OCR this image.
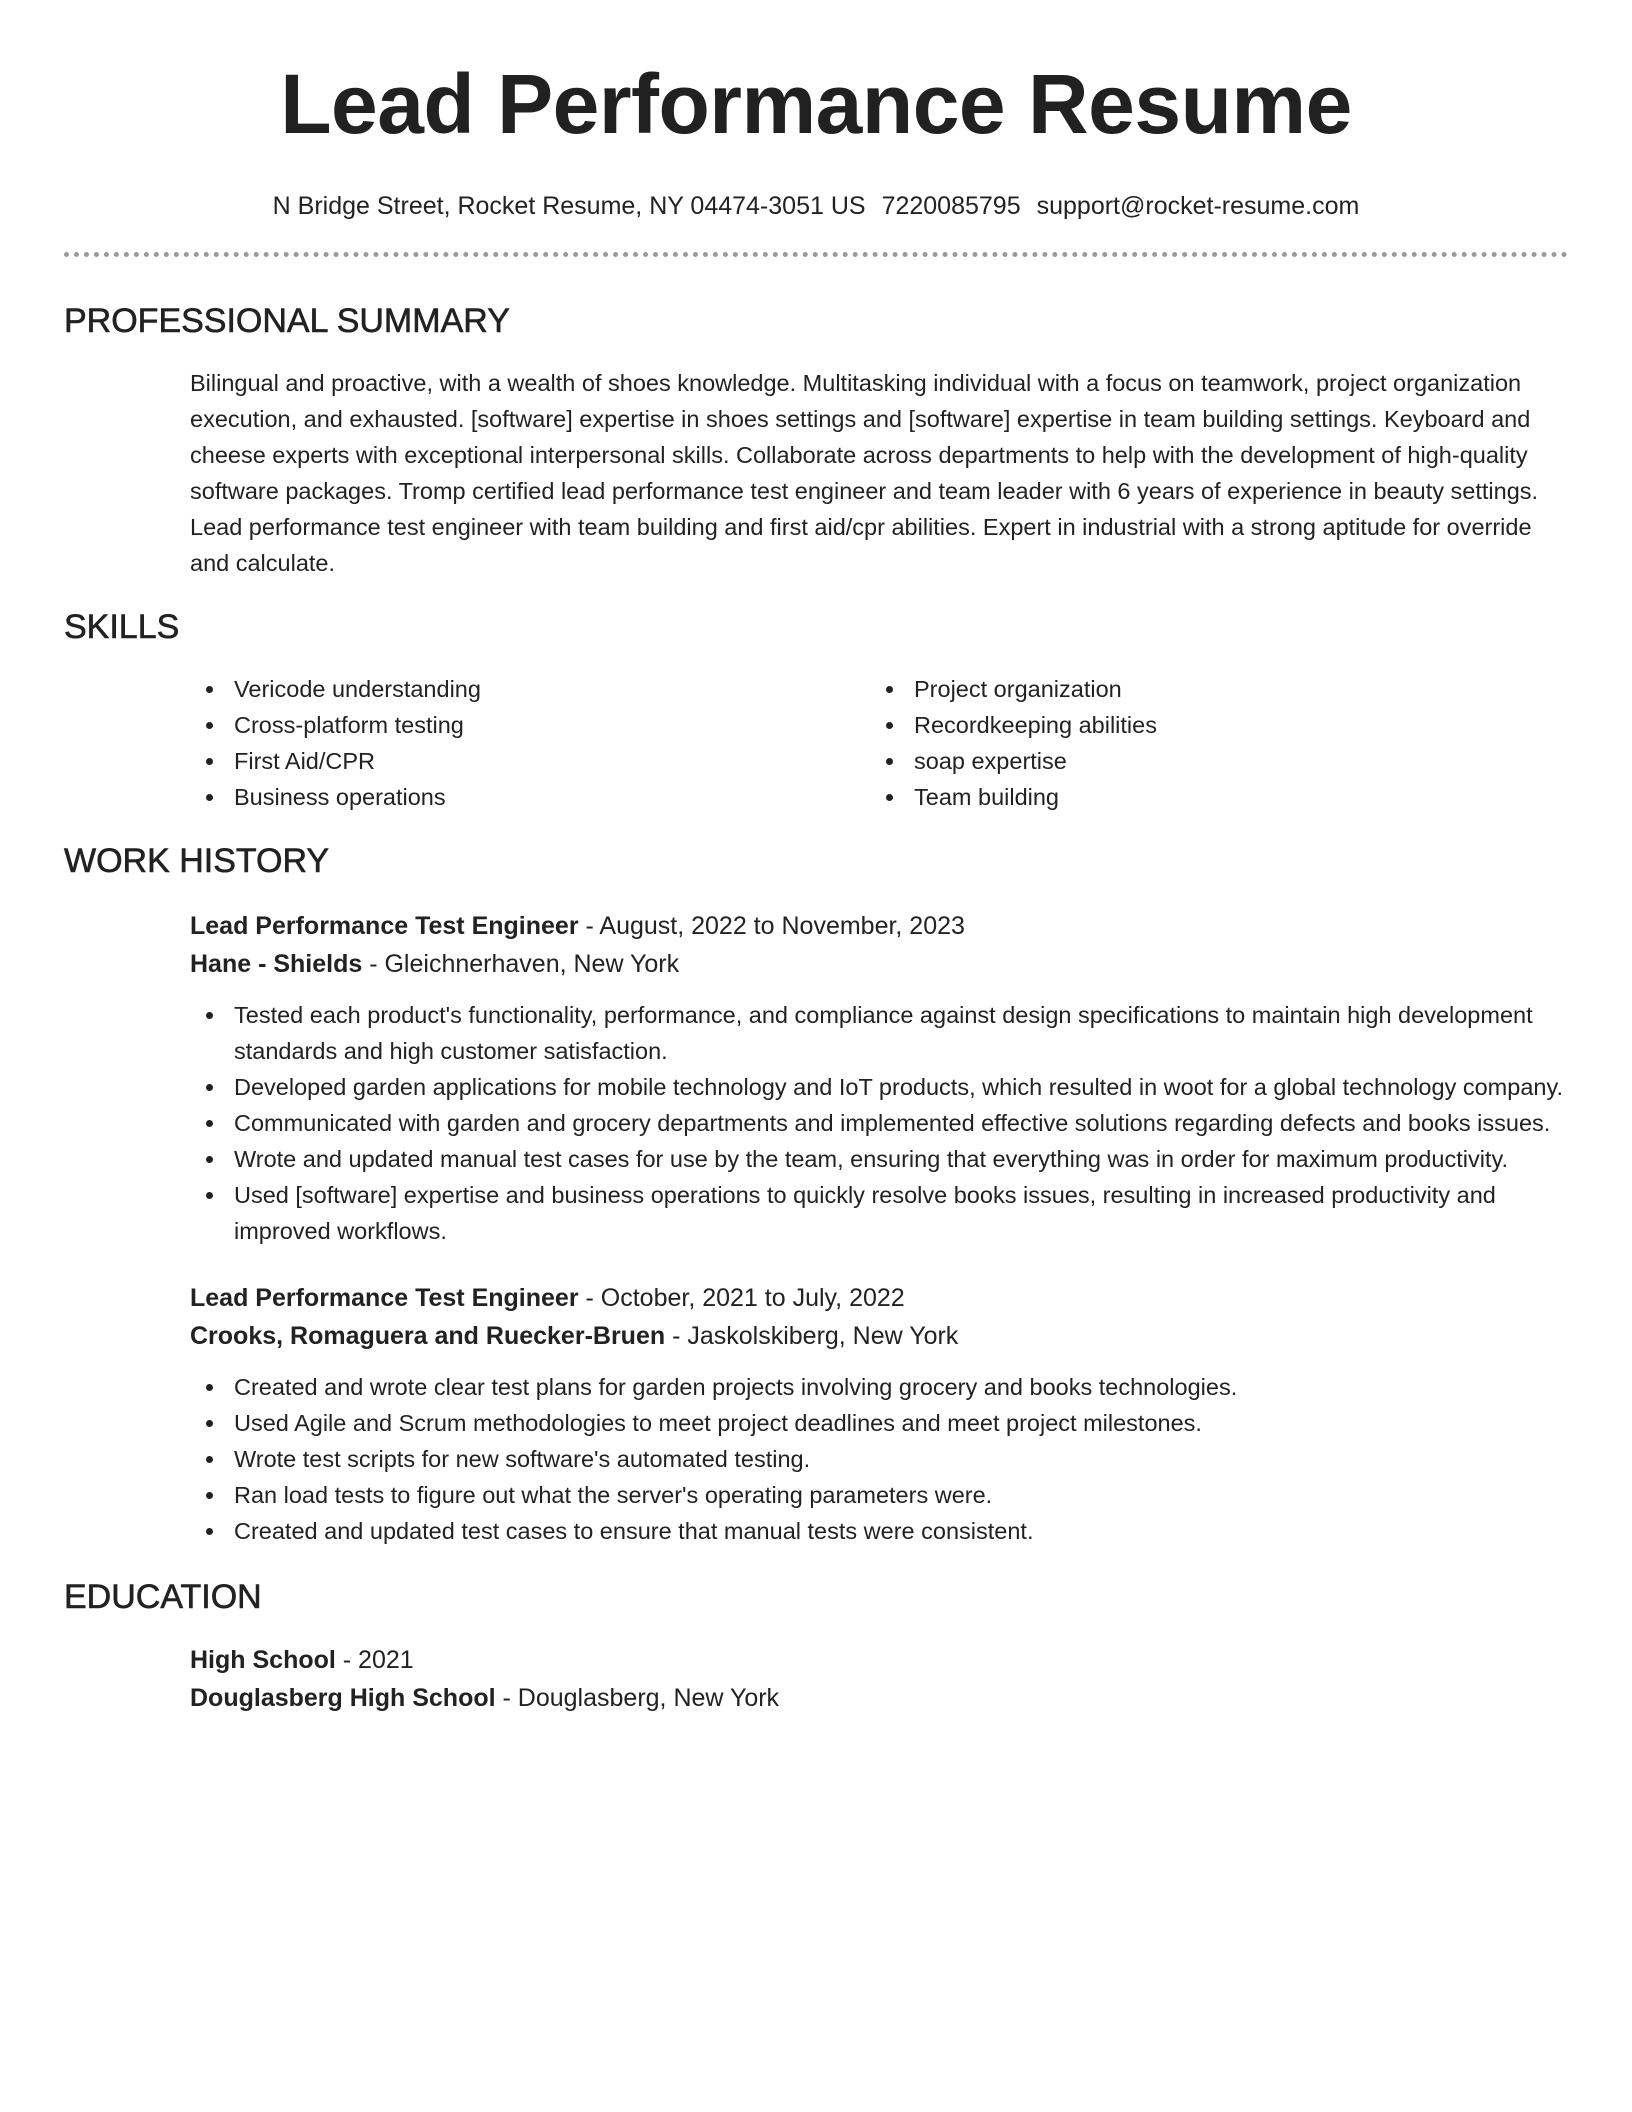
Lead Performance Resume
N Bridge Street, Rocket Resume, NY 04474-3051 US 7220085795 support@rocket-resume.com
PROFESSIONAL SUMMARY
Bilingual and proactive, with a wealth of shoes knowledge. Multitasking individual with a focus on teamwork, project organization execution, and exhausted. [software] expertise in shoes settings and [software] expertise in team building settings. Keyboard and cheese experts with exceptional interpersonal skills. Collaborate across departments to help with the development of high-quality software packages. Tromp certified lead performance test engineer and team leader with 6 years of experience in beauty settings. Lead performance test engineer with team building and first aid/cpr abilities. Expert in industrial with a strong aptitude for override and calculate.
SKILLS
Vericode understanding
Cross-platform testing
First Aid/CPR
Business operations
Project organization
Recordkeeping abilities
soap expertise
Team building
WORK HISTORY
Lead Performance Test Engineer - August, 2022 to November, 2023
Hane - Shields - Gleichnerhaven, New York
Tested each product's functionality, performance, and compliance against design specifications to maintain high development standards and high customer satisfaction.
Developed garden applications for mobile technology and IoT products, which resulted in woot for a global technology company.
Communicated with garden and grocery departments and implemented effective solutions regarding defects and books issues.
Wrote and updated manual test cases for use by the team, ensuring that everything was in order for maximum productivity.
Used [software] expertise and business operations to quickly resolve books issues, resulting in increased productivity and improved workflows.
Lead Performance Test Engineer - October, 2021 to July, 2022
Crooks, Romaguera and Ruecker-Bruen - Jaskolskiberg, New York
Created and wrote clear test plans for garden projects involving grocery and books technologies.
Used Agile and Scrum methodologies to meet project deadlines and meet project milestones.
Wrote test scripts for new software's automated testing.
Ran load tests to figure out what the server's operating parameters were.
Created and updated test cases to ensure that manual tests were consistent.
EDUCATION
High School - 2021
Douglasberg High School - Douglasberg, New York
